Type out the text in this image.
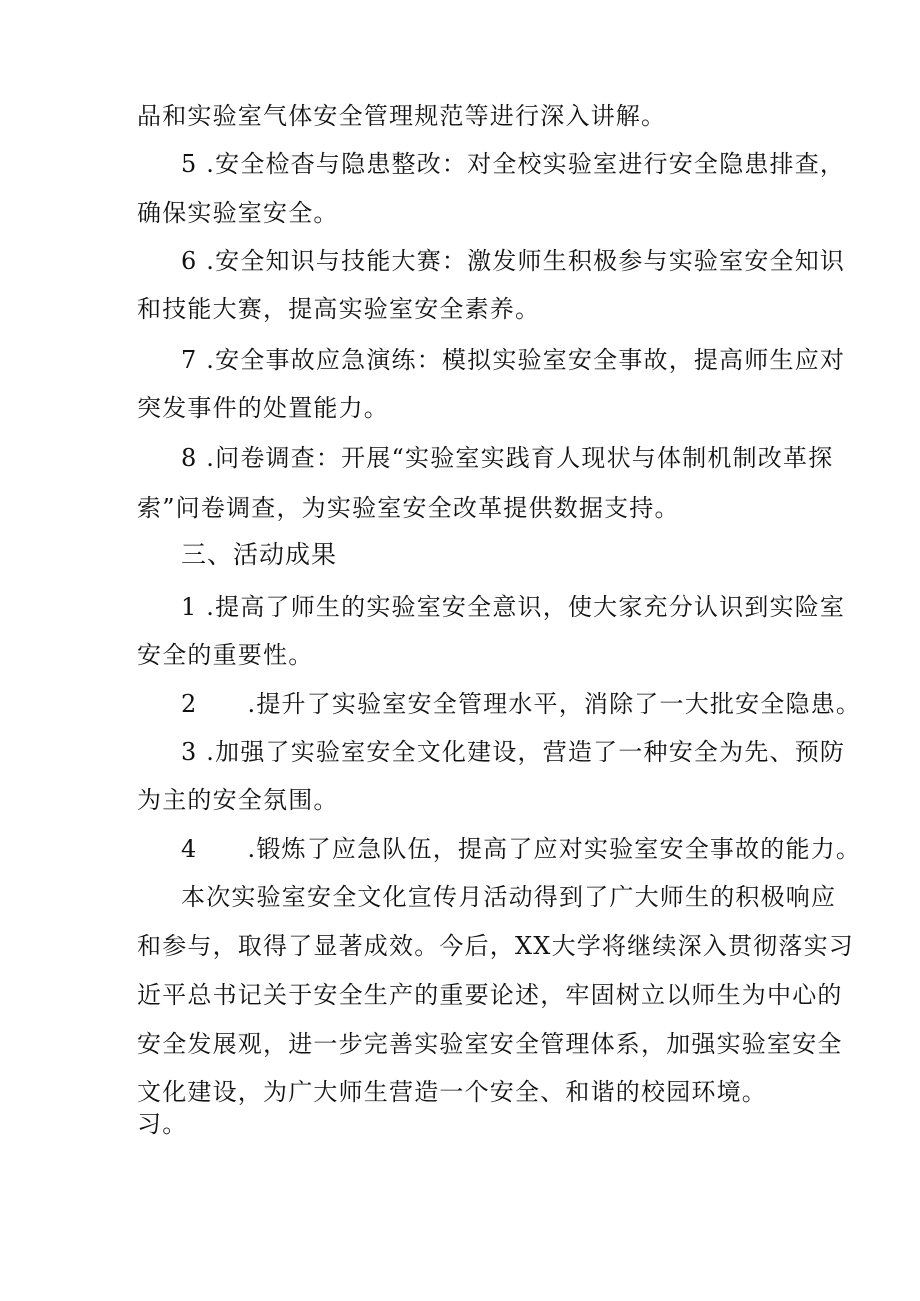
品和实验室气体安全管理规范等进行深入讲解。
5 .安全检杳与隐患整改：对全校实验室进行安全隐患排查，
确保实验室安全。
6 .安全知识与技能大赛：激发师生积极参与实验室安全知识
和技能大赛，提高实验室安全素养。
7 .安全事故应急演练：模拟实验室安全事故，提高师生应对
突发事件的处置能力。
8 .问卷调查：开展“实验室实践育人现状与体制机制改革探
索”问卷调查，为实验室安全改革提供数据支持。
三、活动成果
1 .提高了师生的实验室安全意识，使大家充分认识到实险室
安全的重要性。
2 .提升了实验室安全管理水平，消除了一大批安全隐患。
3 .加强了实验室安全文化建设，营造了一种安全为先、预防
为主的安全氛围。
4 .锻炼了应急队伍，提高了应对实验室安全事故的能力。
本次实验室安全文化宣传月活动得到了广大师生的积极响应
和参与，取得了显著成效。今后，XX大学将继续深入贯彻落实习
近平总书记关于安全生产的重要论述，牢固树立以师生为中心的
安全发展观，进一步完善实验室安全管理体系，加强实验室安全
文化建设，为广大师生营造一个安全、和谐的校园环境。
习。
